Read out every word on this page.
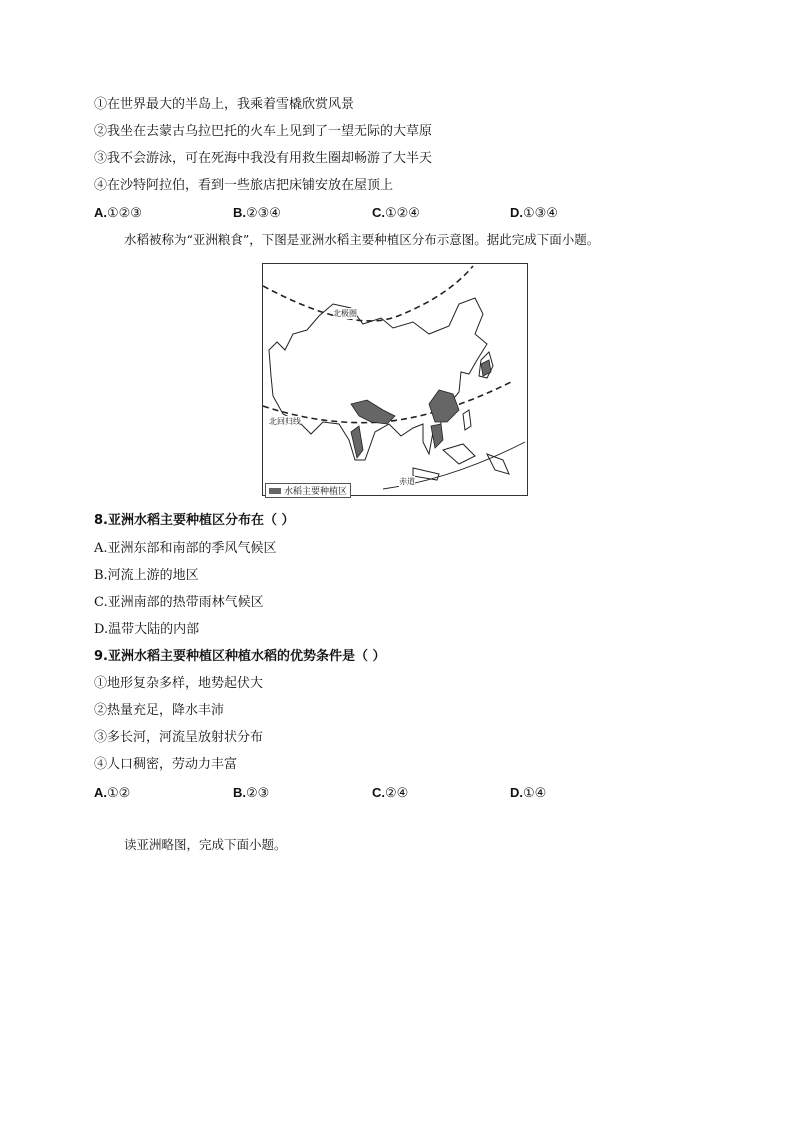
①在世界最大的半岛上，我乘着雪橇欣赏风景
②我坐在去蒙古乌拉巴托的火车上见到了一望无际的大草原
③我不会游泳，可在死海中我没有用救生圈却畅游了大半天
④在沙特阿拉伯，看到一些旅店把床铺安放在屋顶上
A.①②③	B.②③④	C.①②④	D.①③④
水稻被称为“亚洲粮食”，下图是亚洲水稻主要种植区分布示意图。据此完成下面小题。
北极圈
北回归线
赤道
水稻主要种植区
8.亚洲水稻主要种植区分布在（ ）
A.亚洲东部和南部的季风气候区
B.河流上游的地区
C.亚洲南部的热带雨林气候区
D.温带大陆的内部
9.亚洲水稻主要种植区种植水稻的优势条件是（ ）
①地形复杂多样，地势起伏大
②热量充足，降水丰沛
③多长河，河流呈放射状分布
④人口稠密，劳动力丰富
A.①②	B.②③	C.②④	D.①④
读亚洲略图，完成下面小题。
